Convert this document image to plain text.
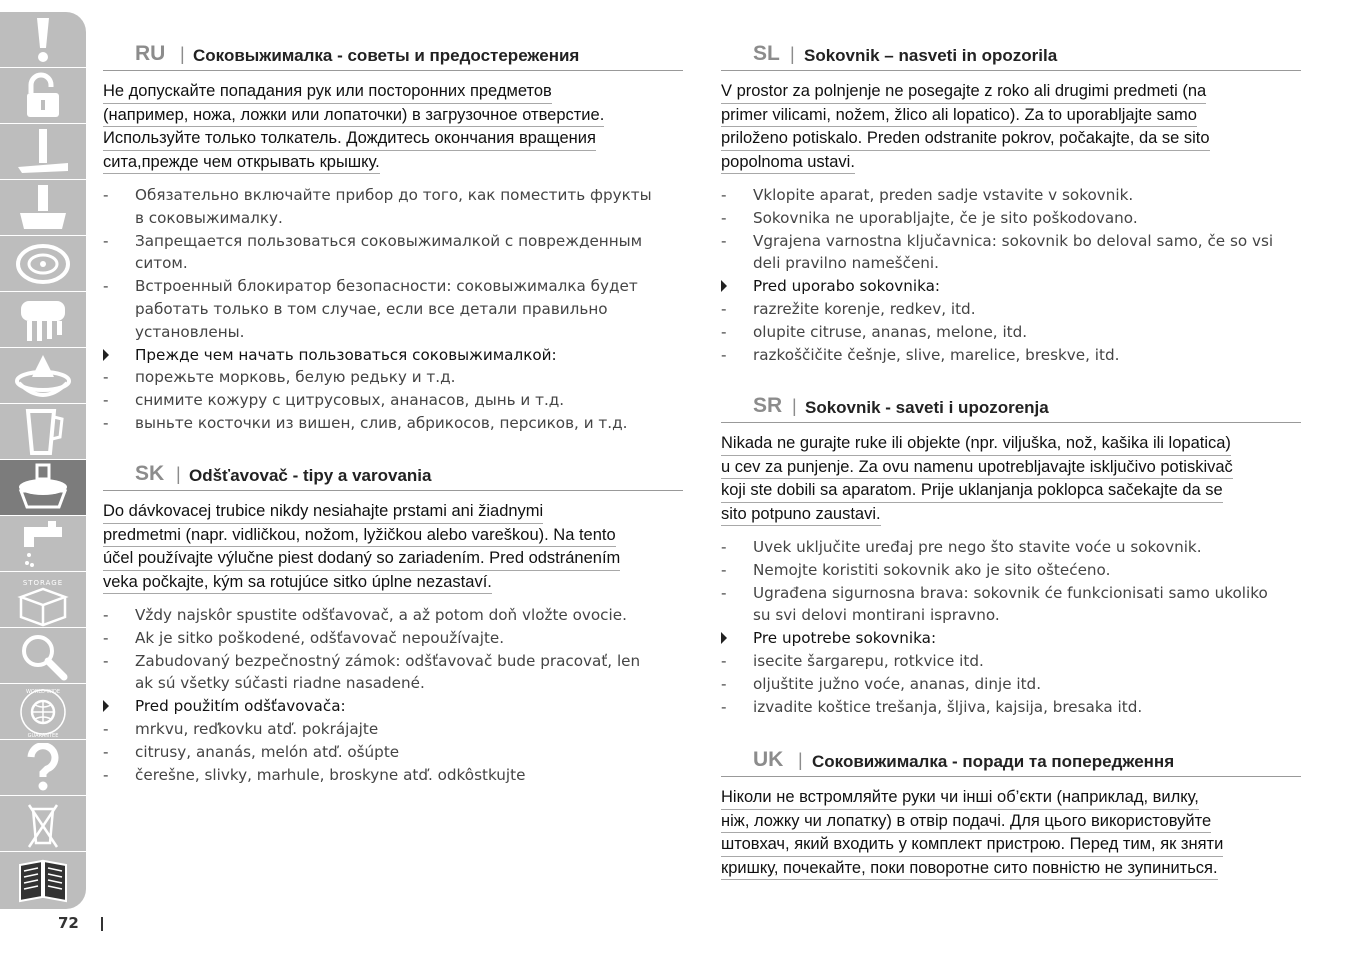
STORAGE
WORLD-WIDE
GUARANTEE
72
RU | Соковыжималка - советы и предостережения
Не допускайте попадания рук или посторонних предметов
(например, ножа, ложки или лопаточки) в загрузочное отверстие.
Используйте только толкатель. Дождитесь окончания вращения
сита,прежде чем открывать крышку.
- Обязательно включайте прибор до того, как поместить фрукты
в соковыжималку.
- Запрещается пользоваться соковыжималкой с поврежденным
ситом.
- Встроенный блокиратор безопасности: соковыжималка будет
работать только в том случае, если все детали правильно
установлены.
Прежде чем начать пользоваться соковыжималкой:
- порежьте морковь, белую редьку и т.д.
- снимите кожуру с цитрусовых, ананасов, дынь и т.д.
- выньте косточки из вишен, слив, абрикосов, персиков, и т.д.
SK | Odšťavovač - tipy a varovania
Do dávkovacej trubice nikdy nesiahajte prstami ani žiadnymi
predmetmi (napr. vidličkou, nožom, lyžičkou alebo vareškou). Na tento
účel používajte výlučne piest dodaný so zariadením. Pred odstránením
veka počkajte, kým sa rotujúce sitko úplne nezastaví.
- Vždy najskôr spustite odšťavovač, a až potom doň vložte ovocie.
- Ak je sitko poškodené, odšťavovač nepoužívajte.
- Zabudovaný bezpečnostný zámok: odšťavovač bude pracovať, len
ak sú všetky súčasti riadne nasadené.
Pred použitím odšťavovača:
- mrkvu, reďkovku atď. pokrájajte
- citrusy, ananás, melón atď. ošúpte
- čerešne, slivky, marhule, broskyne atď. odkôstkujte
SL | Sokovnik – nasveti in opozorila
V prostor za polnjenje ne posegajte z roko ali drugimi predmeti (na
primer vilicami, nožem, žlico ali lopatico). Za to uporabljajte samo
priloženo potiskalo. Preden odstranite pokrov, počakajte, da se sito
popolnoma ustavi.
- Vklopite aparat, preden sadje vstavite v sokovnik.
- Sokovnika ne uporabljajte, če je sito poškodovano.
- Vgrajena varnostna ključavnica: sokovnik bo deloval samo, če so vsi
deli pravilno nameščeni.
Pred uporabo sokovnika:
- razrežite korenje, redkev, itd.
- olupite citruse, ananas, melone, itd.
- razkoščičite češnje, slive, marelice, breskve, itd.
SR | Sokovnik - saveti i upozorenja
Nikada ne gurajte ruke ili objekte (npr. viljuška, nož, kašika ili lopatica)
u cev za punjenje. Za ovu namenu upotrebljavajte isključivo potiskivač
koji ste dobili sa aparatom. Prije uklanjanja poklopca sačekajte da se
sito potpuno zaustavi.
- Uvek uključite uređaj pre nego što stavite voće u sokovnik.
- Nemojte koristiti sokovnik ako je sito oštećeno.
- Ugrađena sigurnosna brava: sokovnik će funkcionisati samo ukoliko
su svi delovi montirani ispravno.
Pre upotrebe sokovnika:
- isecite šargarepu, rotkvice itd.
- oljuštite južno voće, ananas, dinje itd.
- izvadite koštice trešanja, šljiva, kajsija, bresaka itd.
UK | Соковижималка - поради та попередження
Ніколи не встромляйте руки чи інші об’єкти (наприклад, вилку,
ніж, ложку чи лопатку) в отвір подачі. Для цього використовуйте
штовхач, який входить у комплект пристрою. Перед тим, як зняти
кришку, почекайте, поки поворотне сито повністю не зупиниться.
